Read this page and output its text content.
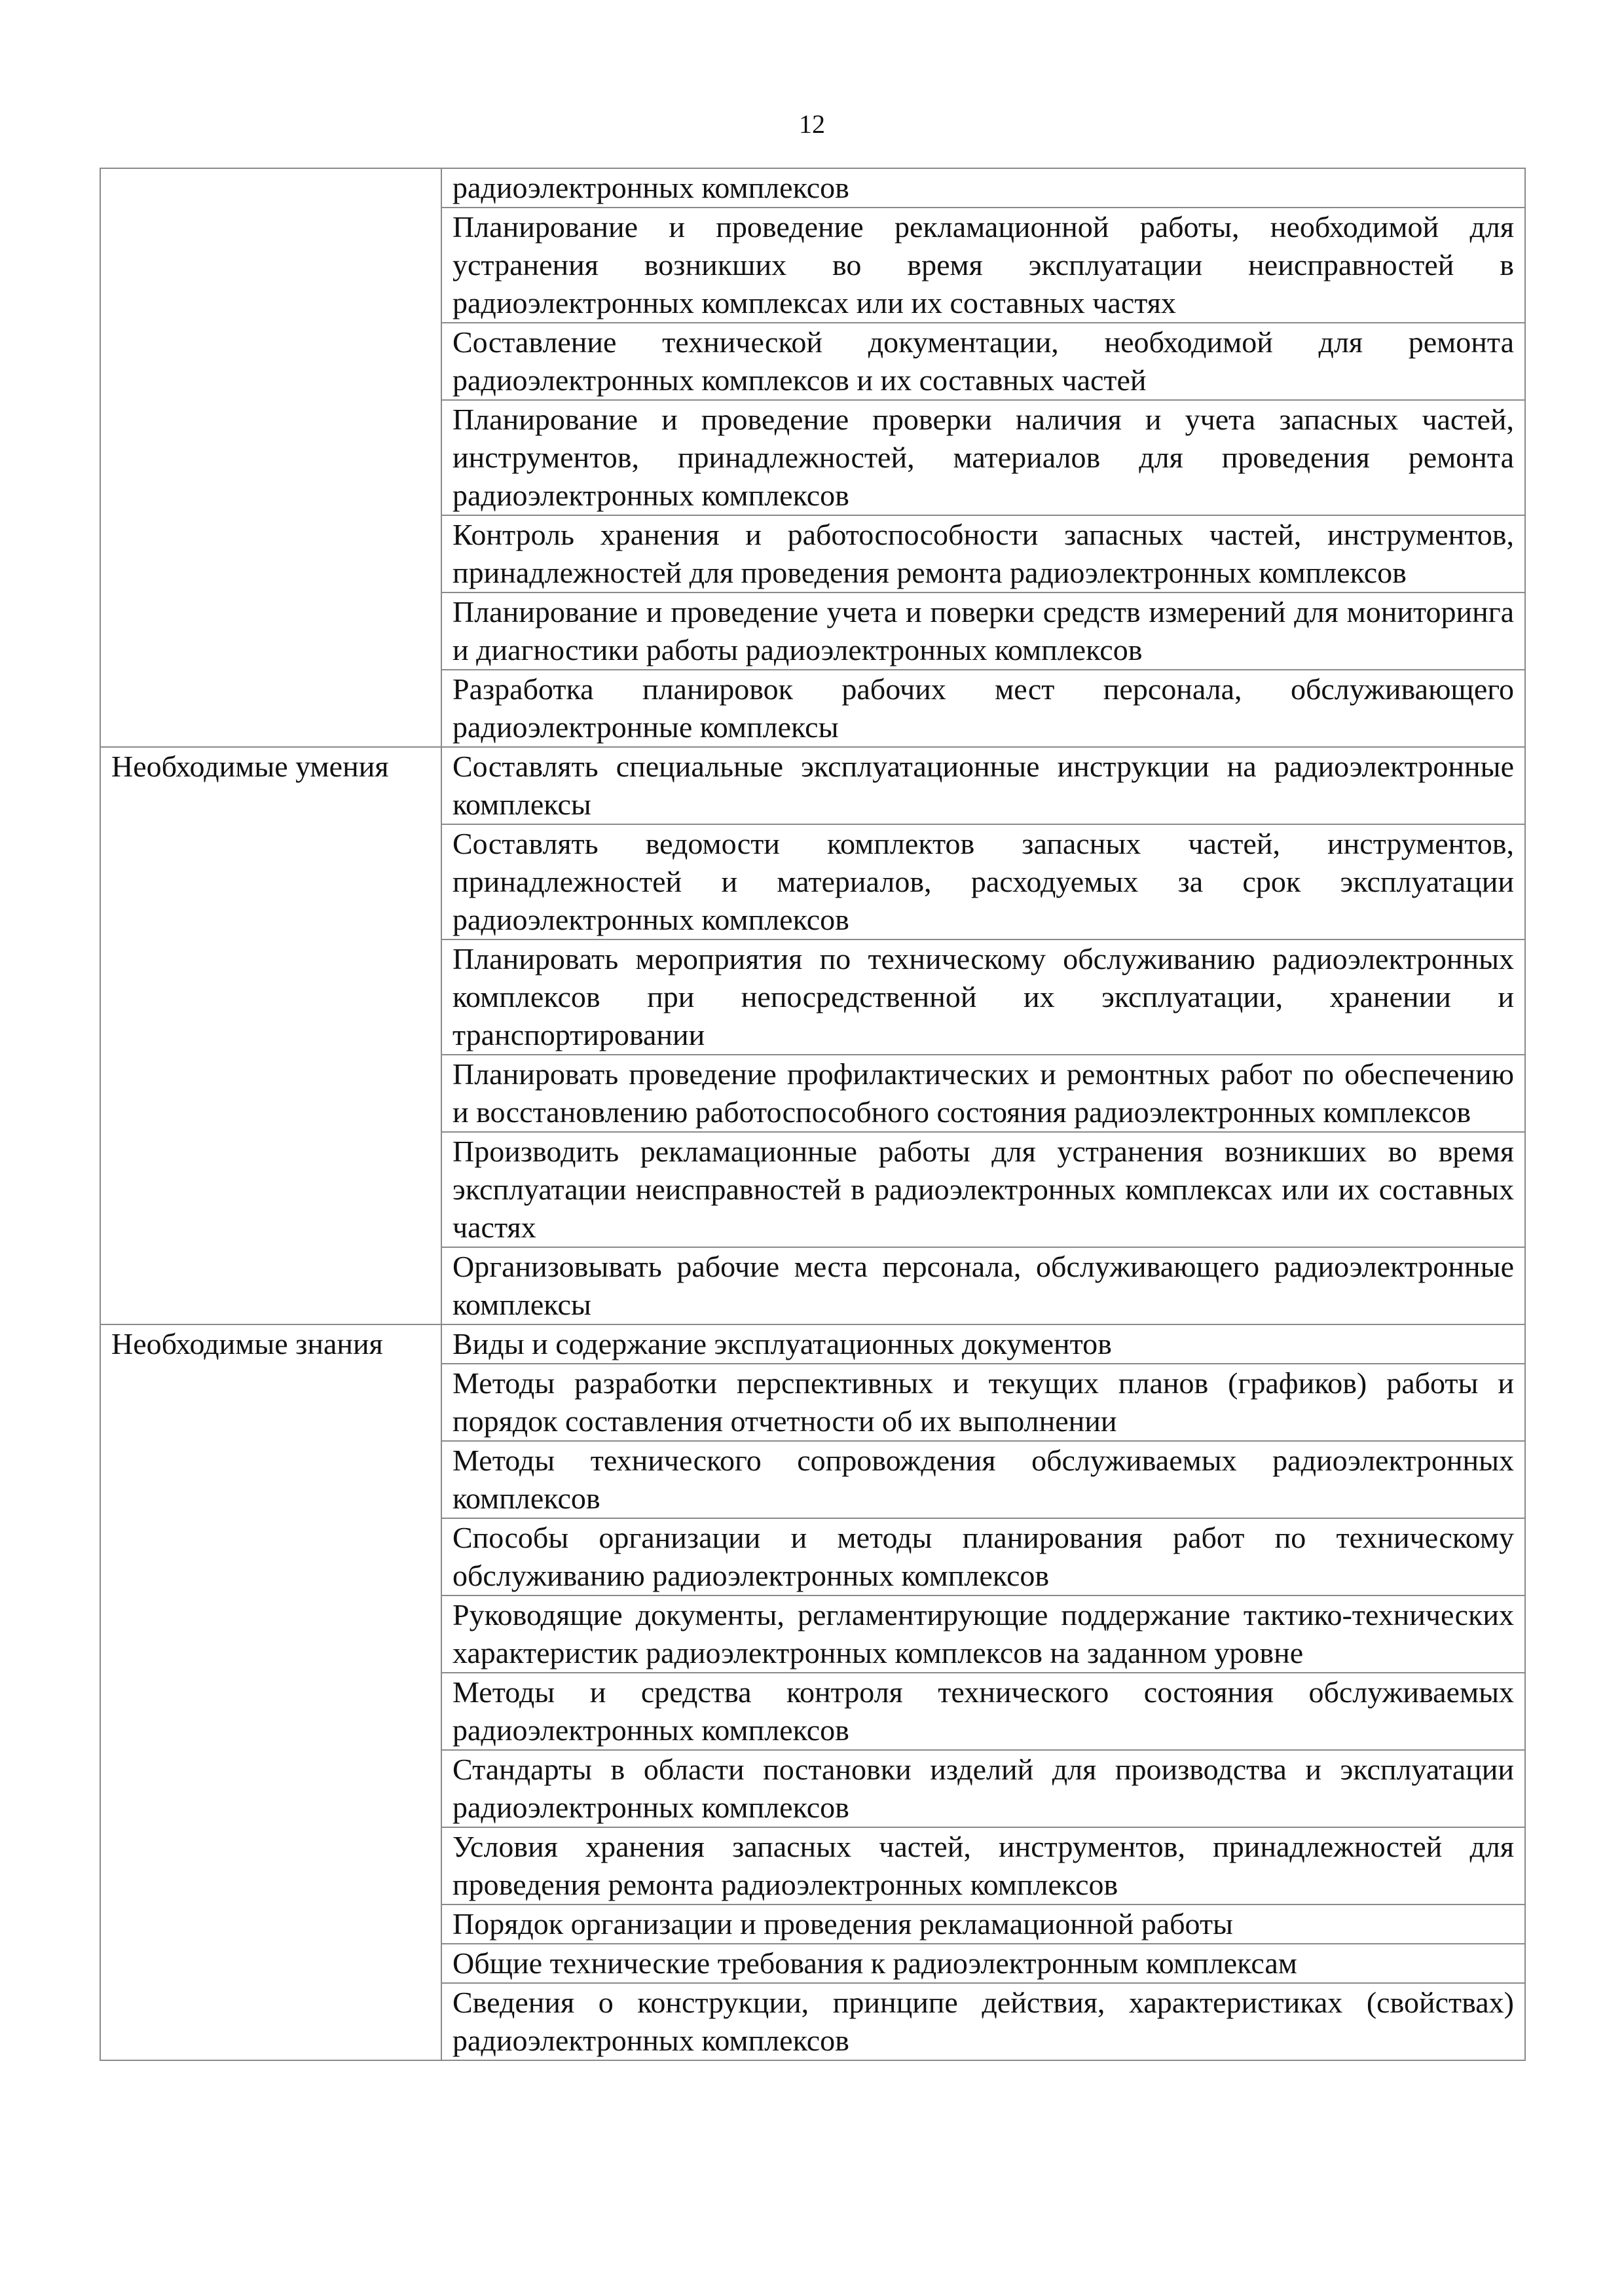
12
	радиоэлектронных комплексов
	Планирование и проведение рекламационной работы, необходимой для устранения возникших во время эксплуатации неисправностей в радиоэлектронных комплексах или их составных частях
	Составление технической документации, необходимой для ремонта радиоэлектронных комплексов и их составных частей
	Планирование и проведение проверки наличия и учета запасных частей, инструментов, принадлежностей, материалов для проведения ремонта радиоэлектронных комплексов
	Контроль хранения и работоспособности запасных частей, инструментов, принадлежностей для проведения ремонта радиоэлектронных комплексов
	Планирование и проведение учета и поверки средств измерений для мониторинга и диагностики работы радиоэлектронных комплексов
	Разработка планировок рабочих мест персонала, обслуживающего радиоэлектронные комплексы
Необходимые умения	Составлять специальные эксплуатационные инструкции на радиоэлектронные комплексы
	Составлять ведомости комплектов запасных частей, инструментов, принадлежностей и материалов, расходуемых за срок эксплуатации радиоэлектронных комплексов
	Планировать мероприятия по техническому обслуживанию радиоэлектронных комплексов при непосредственной их эксплуатации, хранении и транспортировании
	Планировать проведение профилактических и ремонтных работ по обеспечению и восстановлению работоспособного состояния радиоэлектронных комплексов
	Производить рекламационные работы для устранения возникших во время эксплуатации неисправностей в радиоэлектронных комплексах или их составных частях
	Организовывать рабочие места персонала, обслуживающего радиоэлектронные комплексы
Необходимые знания	Виды и содержание эксплуатационных документов
	Методы разработки перспективных и текущих планов (графиков) работы и порядок составления отчетности об их выполнении
	Методы технического сопровождения обслуживаемых радиоэлектронных комплексов
	Способы организации и методы планирования работ по техническому обслуживанию радиоэлектронных комплексов
	Руководящие документы, регламентирующие поддержание тактико-технических характеристик радиоэлектронных комплексов на заданном уровне
	Методы и средства контроля технического состояния обслуживаемых радиоэлектронных комплексов
	Стандарты в области постановки изделий для производства и эксплуатации радиоэлектронных комплексов
	Условия хранения запасных частей, инструментов, принадлежностей для проведения ремонта радиоэлектронных комплексов
	Порядок организации и проведения рекламационной работы
	Общие технические требования к радиоэлектронным комплексам
	Сведения о конструкции, принципе действия, характеристиках (свойствах) радиоэлектронных комплексов
